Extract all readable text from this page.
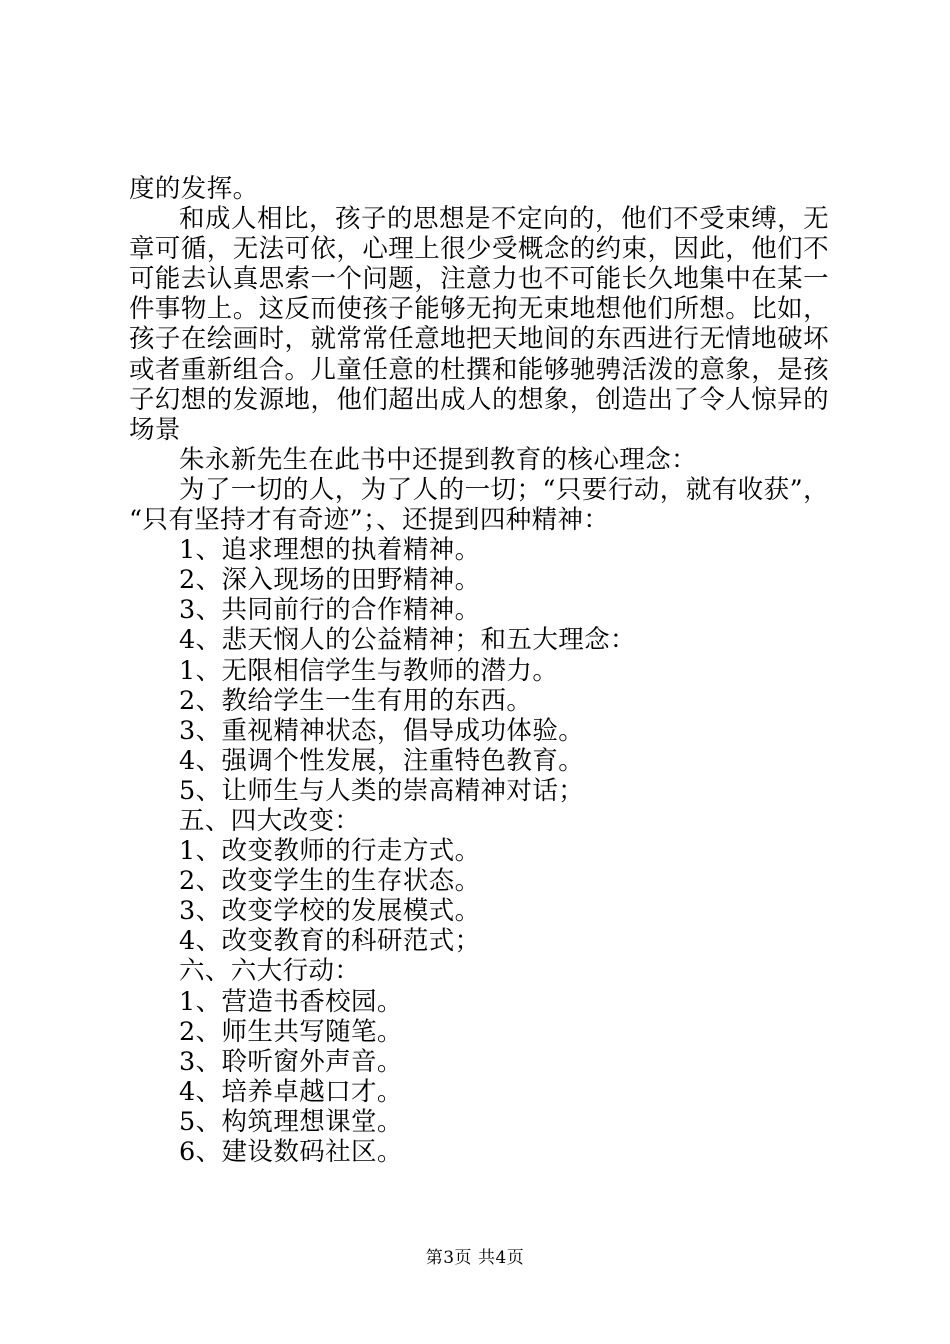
度的发挥。
和成人相比，孩子的思想是不定向的，他们不受束缚，无
章可循，无法可依，心理上很少受概念的约束，因此，他们不
可能去认真思索一个问题，注意力也不可能长久地集中在某一
件事物上。这反而使孩子能够无拘无束地想他们所想。比如，
孩子在绘画时，就常常任意地把天地间的东西进行无情地破坏
或者重新组合。儿童任意的杜撰和能够驰骋活泼的意象，是孩
子幻想的发源地，他们超出成人的想象，创造出了令人惊异的
场景
朱永新先生在此书中还提到教育的核心理念：
为了一切的人，为了人的一切；“只要行动，就有收获”，
“只有坚持才有奇迹”；、还提到四种精神：
1、追求理想的执着精神。
2、深入现场的田野精神。
3、共同前行的合作精神。
4、悲天悯人的公益精神；和五大理念：
1、无限相信学生与教师的潜力。
2、教给学生一生有用的东西。
3、重视精神状态，倡导成功体验。
4、强调个性发展，注重特色教育。
5、让师生与人类的崇高精神对话；
五、四大改变：
1、改变教师的行走方式。
2、改变学生的生存状态。
3、改变学校的发展模式。
4、改变教育的科研范式；
六、六大行动：
1、营造书香校园。
2、师生共写随笔。
3、聆听窗外声音。
4、培养卓越口才。
5、构筑理想课堂。
6、建设数码社区。
第3页 共4页
